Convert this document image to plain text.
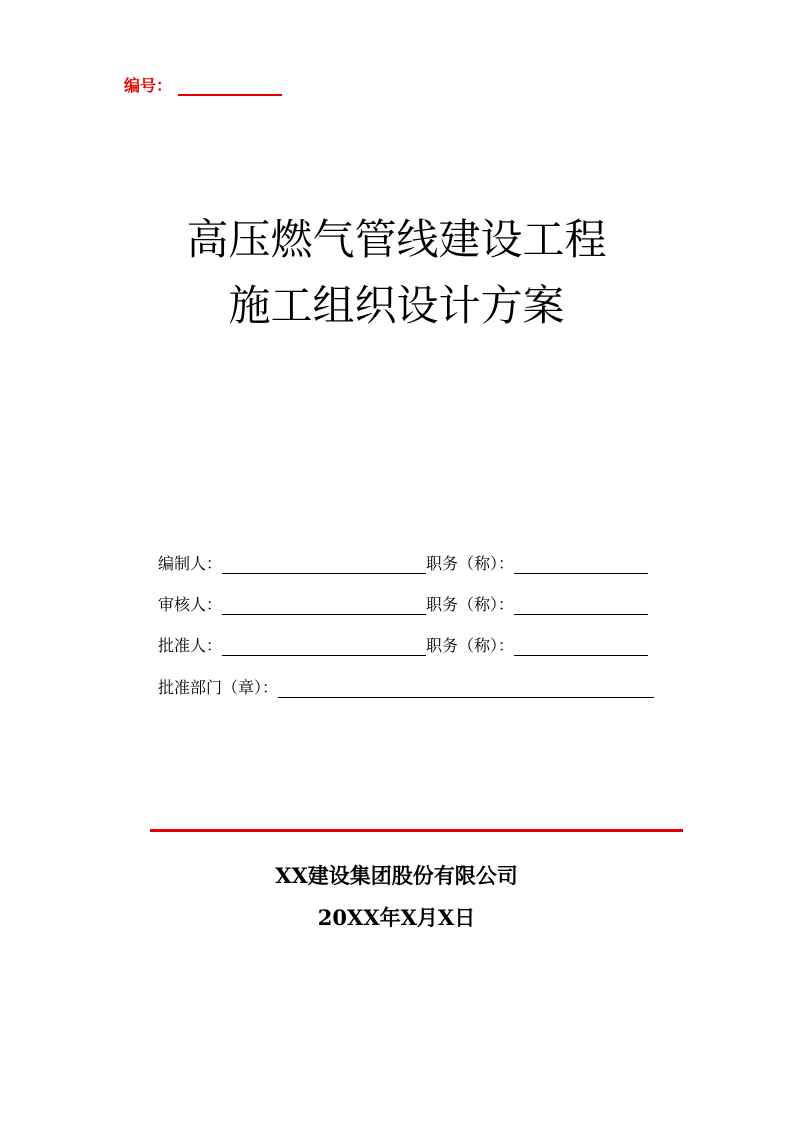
编号：
高压燃气管线建设工程
施工组织设计方案
编制人：	职务（称）：
审核人：	职务（称）：
批准人：	职务（称）：
批准部门（章）：
XX建设集团股份有限公司
20XX年X月X日
